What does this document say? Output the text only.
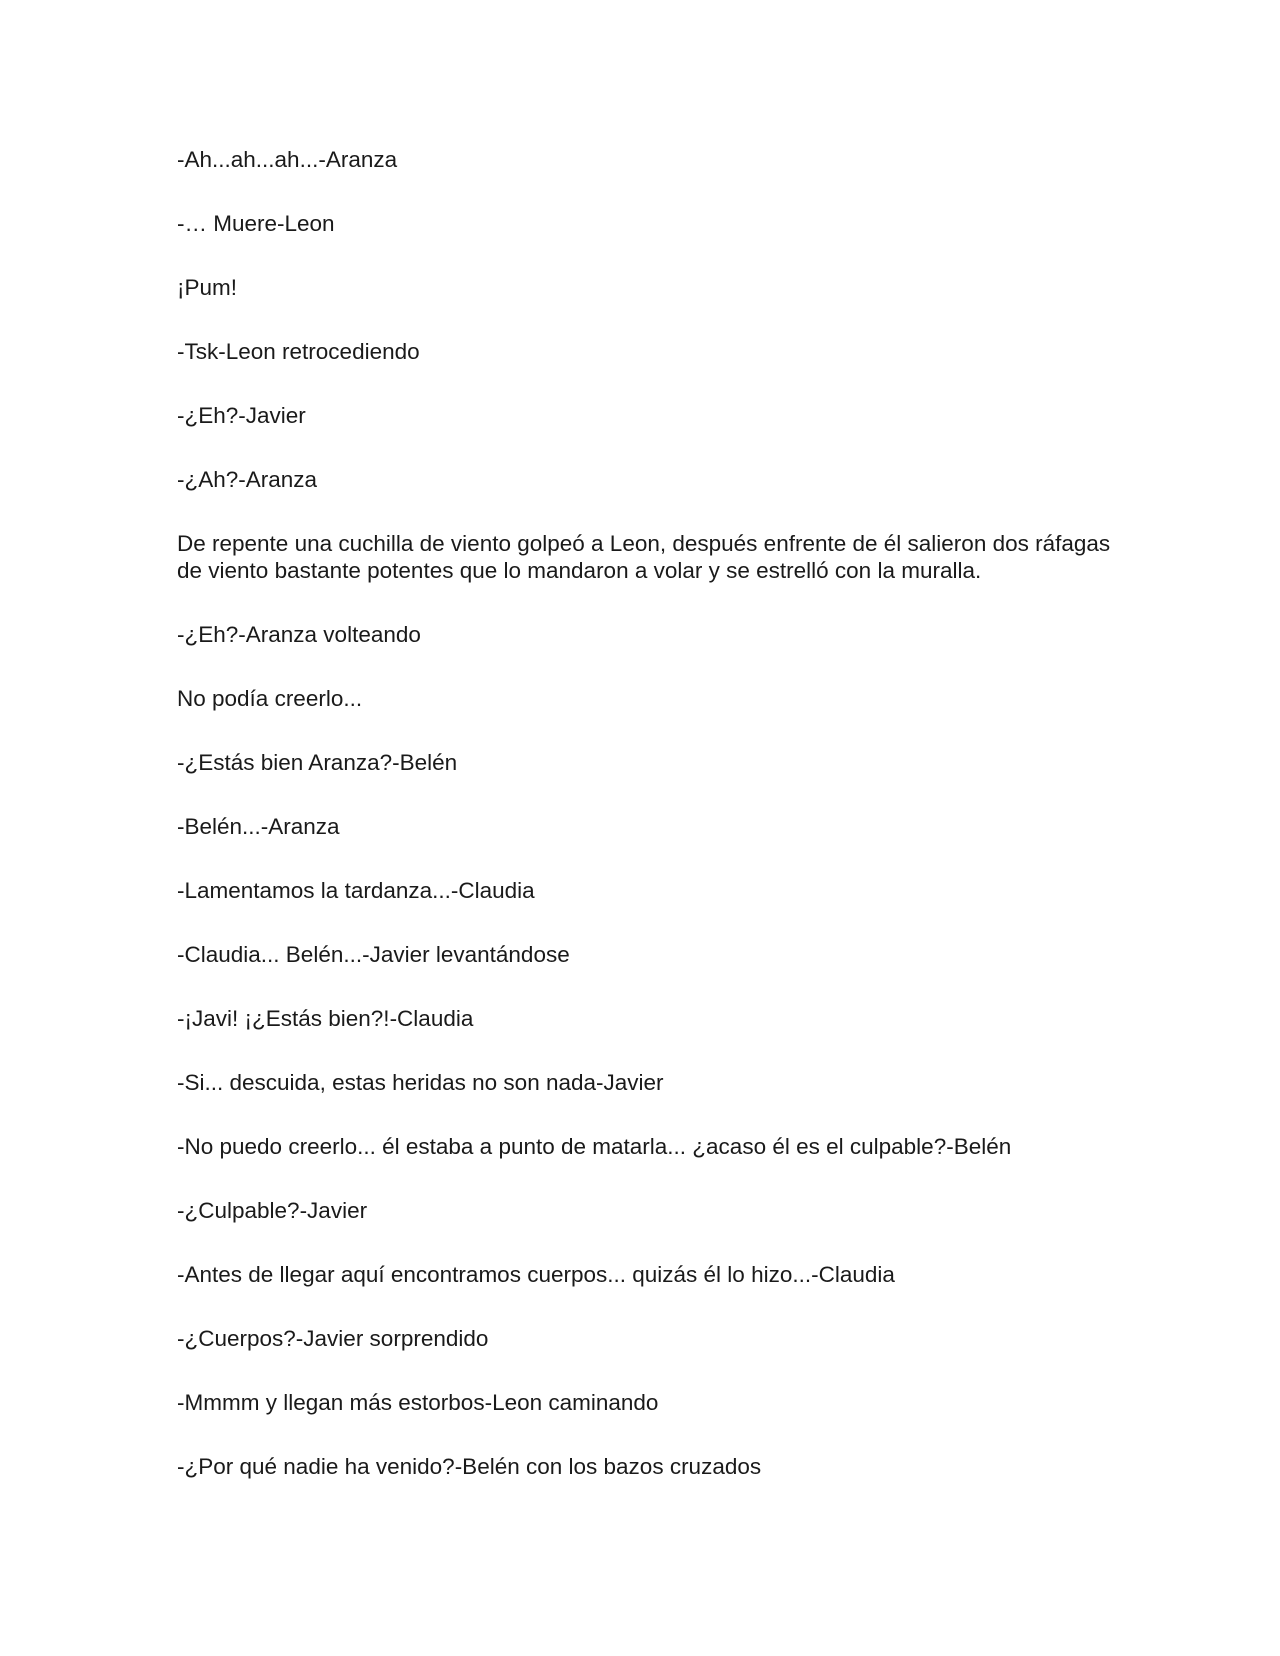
-Ah...ah...ah...-Aranza

-… Muere-Leon

¡Pum!

-Tsk-Leon retrocediendo

-¿Eh?-Javier

-¿Ah?-Aranza

De repente una cuchilla de viento golpeó a Leon, después enfrente de él salieron dos ráfagas de viento bastante potentes que lo mandaron a volar y se estrelló con la muralla.

-¿Eh?-Aranza volteando

No podía creerlo...

-¿Estás bien Aranza?-Belén

-Belén...-Aranza

-Lamentamos la tardanza...-Claudia

-Claudia... Belén...-Javier levantándose

-¡Javi! ¡¿Estás bien?!-Claudia

-Si... descuida, estas heridas no son nada-Javier

-No puedo creerlo... él estaba a punto de matarla... ¿acaso él es el culpable?-Belén

-¿Culpable?-Javier

-Antes de llegar aquí encontramos cuerpos... quizás él lo hizo...-Claudia

-¿Cuerpos?-Javier sorprendido

-Mmmm y llegan más estorbos-Leon caminando

-¿Por qué nadie ha venido?-Belén con los bazos cruzados
